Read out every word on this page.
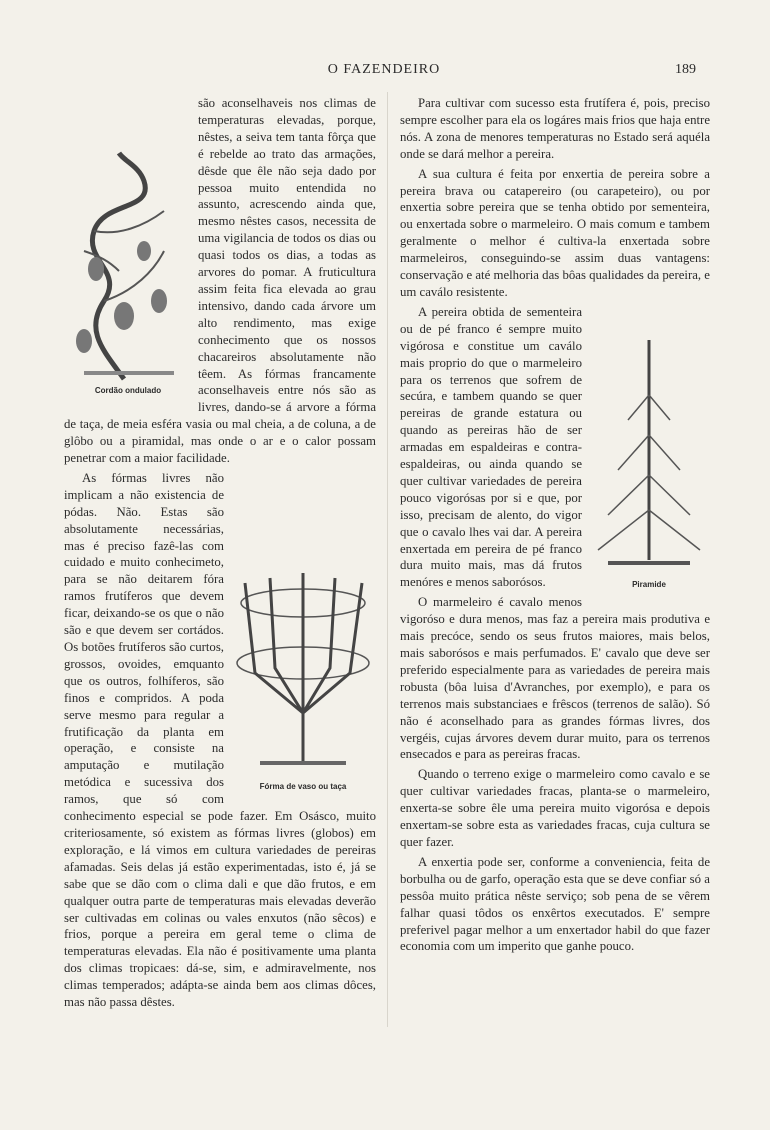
O FAZENDEIRO	189
Cordão ondulado

são aconselhaveis nos climas de temperaturas elevadas, porque, nêstes, a seiva tem tanta fôrça que é rebelde ao trato das armações, dêsde que êle não seja dado por pessoa muito entendida no assunto, acrescendo ainda que, mesmo nêstes casos, necessita de uma vigilancia de todos os dias ou quasi todos os dias, a todas as arvores do pomar. A fruticultura assim feita fica elevada ao grau intensivo, dando cada árvore um alto rendimento, mas exige conhecimento que os nossos chacareiros absolutamente não têem. As fórmas francamente aconselhaveis entre nós são as livres, dando-se á arvore a fórma de taça, de meia esféra vasia ou mal cheia, a de coluna, a de glôbo ou a piramidal, mas onde o ar e o calor possam penetrar com a maior facilidade.

Fórma de vaso ou taça

As fórmas livres não implicam a não existencia de pódas. Não. Estas são absolutamente necessárias, mas é preciso fazê-las com cuidado e muito conhecimeto, para se não deitarem fóra ramos frutíferos que devem ficar, deixando-se os que o não são e que devem ser cortádos. Os botões frutíferos são curtos, grossos, ovoides, emquanto que os outros, folhíferos, são finos e compridos. A poda serve mesmo para regular a frutificação da planta em operação, e consiste na amputação e mutilação metódica e sucessiva dos ramos, que só com conhecimento especial se pode fazer. Em Osásco, muito criteriosamente, só existem as fórmas livres (globos) em exploração, e lá vimos em cultura variedades de pereiras afamadas. Seis delas já estão experimentadas, isto é, já se sabe que se dão com o clima dali e que dão frutos, e em qualquer outra parte de temperaturas mais elevadas deverão ser cultivadas em colinas ou vales enxutos (não sêcos) e frios, porque a pereira em geral teme o clima de temperaturas elevadas. Ela não é positivamente uma planta dos climas tropicaes: dá-se, sim, e admiravelmente, nos climas temperados; adápta-se ainda bem aos climas dôces, mas não passa dêstes.

Para cultivar com sucesso esta frutífera é, pois, preciso sempre escolher para ela os logáres mais frios que haja entre nós. A zona de menores temperaturas no Estado será aquéla onde se dará melhor a pereira.

A sua cultura é feita por enxertia de pereira sobre a pereira brava ou catapereiro (ou carapeteiro), ou por enxertia sobre pereira que se tenha obtido por sementeira, ou enxertada sobre o marmeleiro. O mais comum e tambem geralmente o melhor é cultiva-la enxertada sobre marmeleiros, conseguindo-se assim duas vantagens: conservação e até melhoria das bôas qualidades da pereira, e um caválo resistente.

Piramide

A pereira obtida de sementeira ou de pé franco é sempre muito vigórosa e constitue um caválo mais proprio do que o marmeleiro para os terrenos que sofrem de secúra, e tambem quando se quer pereiras de grande estatura ou quando as pereiras hão de ser armadas em espaldeiras e contra-espaldeiras, ou ainda quando se quer cultivar variedades de pereira pouco vigorósas por si e que, por isso, precisam de alento, do vigor que o cavalo lhes vai dar. A pereira enxertada em pereira de pé franco dura muito mais, mas dá frutos menóres e menos saborósos.

O marmeleiro é cavalo menos vigoróso e dura menos, mas faz a pereira mais produtiva e mais precóce, sendo os seus frutos maiores, mais belos, mais saborósos e mais perfumados. E' cavalo que deve ser preferido especialmente para as variedades de pereira mais robusta (bôa luisa d'Avranches, por exemplo), e para os terrenos mais substanciaes e frêscos (terrenos de salão). Só não é aconselhado para as grandes fórmas livres, dos vergéis, cujas árvores devem durar muito, para os terrenos ensecados e para as pereiras fracas.

Quando o terreno exige o marmeleiro como cavalo e se quer cultivar variedades fracas, planta-se o marmeleiro, enxerta-se sobre êle uma pereira muito vigorósa e depois enxertam-se sobre esta as variedades fracas, cuja cultura se quer fazer.

A enxertia pode ser, conforme a conveniencia, feita de borbulha ou de garfo, operação esta que se deve confiar só a pessôa muito prática nêste serviço; sob pena de se vêrem falhar quasi tôdos os enxêrtos executados. E' sempre preferivel pagar melhor a um enxertador habil do que fazer economia com um imperito que ganhe pouco.
